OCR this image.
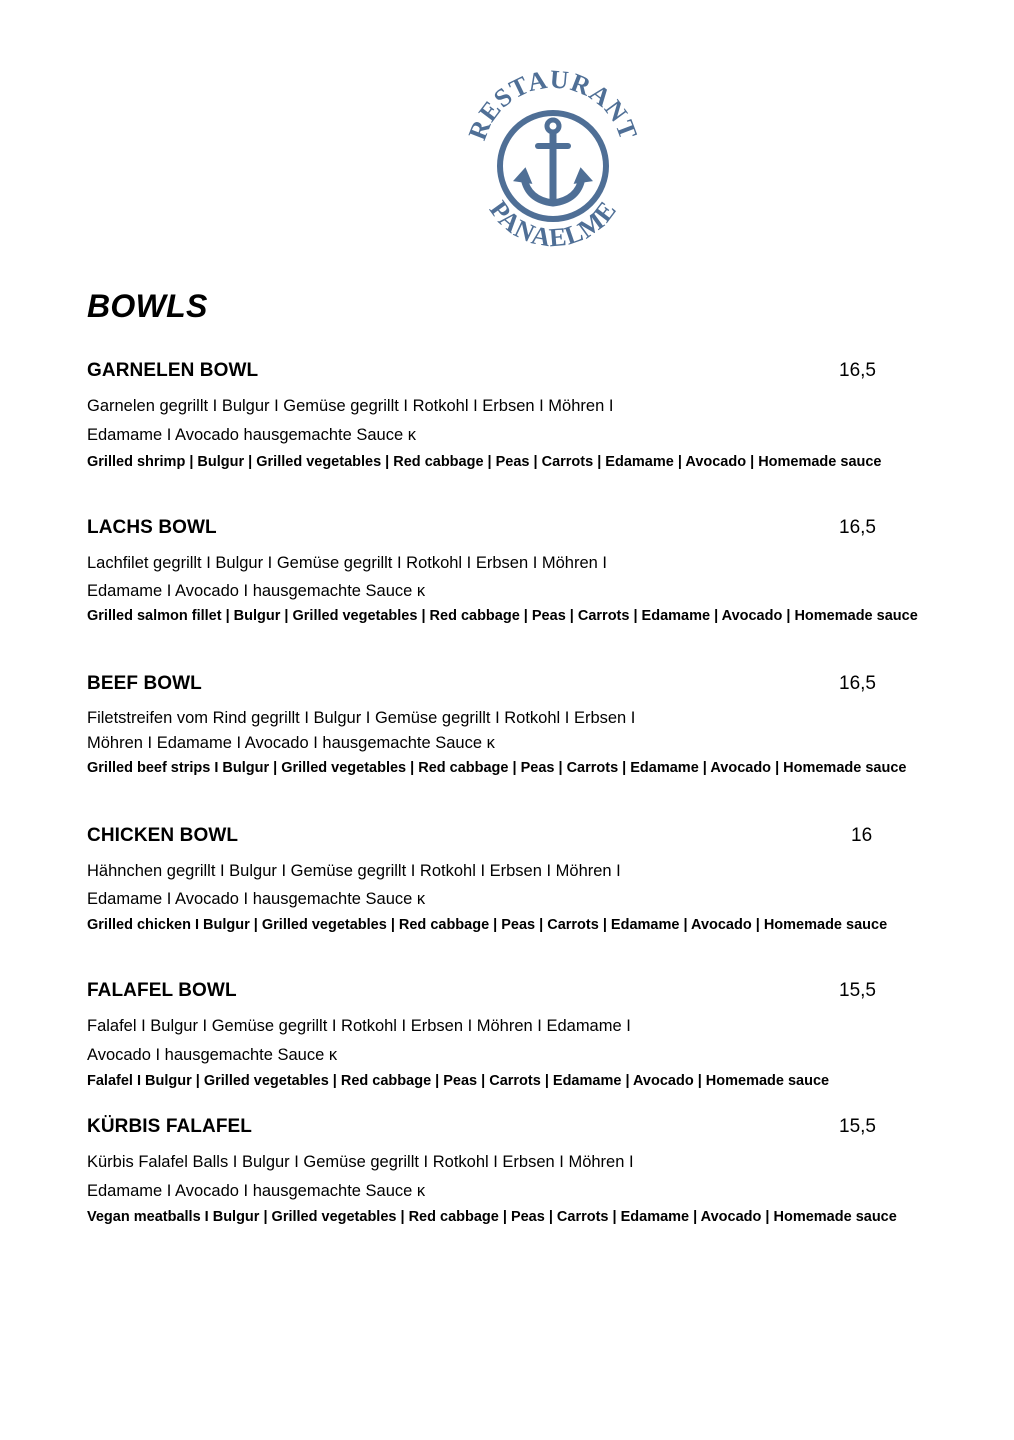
RESTAURANT
PANAELME
BOWLS
GARNELEN BOWL	16,5
Garnelen gegrillt I Bulgur I Gemüse gegrillt I Rotkohl I Erbsen I Möhren I
Edamame I Avocado hausgemachte Sauce κ
Grilled shrimp | Bulgur | Grilled vegetables | Red cabbage | Peas | Carrots | Edamame | Avocado | Homemade sauce
LACHS BOWL	16,5
Lachfilet gegrillt I Bulgur I Gemüse gegrillt I Rotkohl I Erbsen I Möhren I
Edamame I Avocado I hausgemachte Sauce κ
Grilled salmon fillet | Bulgur | Grilled vegetables | Red cabbage | Peas | Carrots | Edamame | Avocado | Homemade sauce
BEEF BOWL	16,5
Filetstreifen vom Rind gegrillt I Bulgur I Gemüse gegrillt I Rotkohl I Erbsen I
Möhren I Edamame I Avocado I hausgemachte Sauce κ
Grilled beef strips I Bulgur | Grilled vegetables | Red cabbage | Peas | Carrots | Edamame | Avocado | Homemade sauce
CHICKEN BOWL	16
Hähnchen gegrillt I Bulgur I Gemüse gegrillt I Rotkohl I Erbsen I Möhren I
Edamame I Avocado I hausgemachte Sauce κ
Grilled chicken I Bulgur | Grilled vegetables | Red cabbage | Peas | Carrots | Edamame | Avocado | Homemade sauce
FALAFEL BOWL	15,5
Falafel I Bulgur I Gemüse gegrillt I Rotkohl I Erbsen I Möhren I Edamame I
Avocado I hausgemachte Sauce κ
Falafel I Bulgur | Grilled vegetables | Red cabbage | Peas | Carrots | Edamame | Avocado | Homemade sauce
KÜRBIS FALAFEL	15,5
Kürbis Falafel Balls I Bulgur I Gemüse gegrillt I Rotkohl I Erbsen I Möhren I
Edamame I Avocado I hausgemachte Sauce κ
Vegan meatballs I Bulgur | Grilled vegetables | Red cabbage | Peas | Carrots | Edamame | Avocado | Homemade sauce
